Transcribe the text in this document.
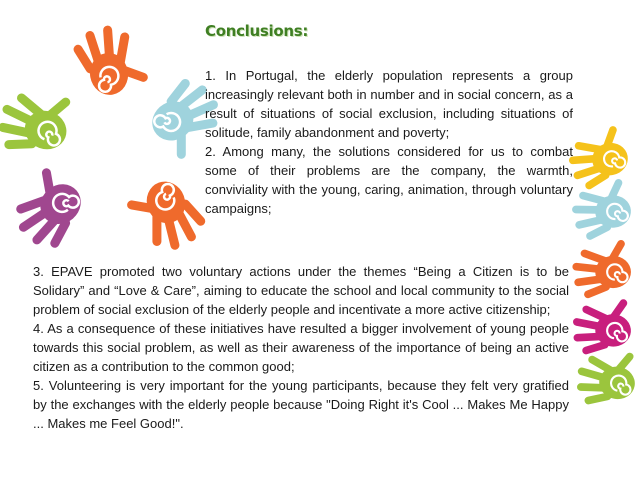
Conclusions:

1. In Portugal, the elderly population represents a group increasingly relevant both in number and in social concern, as a result of situations of social exclusion, including situations of solitude, family abandonment and poverty;

2. Among many, the solutions considered for us to combat some of their problems are the company, the warmth, conviviality with the young, caring, animation, through voluntary campaigns;

3. EPAVE promoted two voluntary actions under the themes “Being a Citizen is to be Solidary” and “Love & Care”, aiming to educate the school and local community to the social problem of social exclusion of the elderly people and incentivate a more active citizenship;

4. As a consequence of these initiatives have resulted a bigger involvement of young people towards this social problem, as well as their awareness of the importance of being an active citizen as a contribution to the common good;

5. Volunteering is very important for the young participants, because they felt very gratified by the exchanges with the elderly people because "Doing Right it's Cool ... Makes Me Happy ... Makes me Feel Good!".
